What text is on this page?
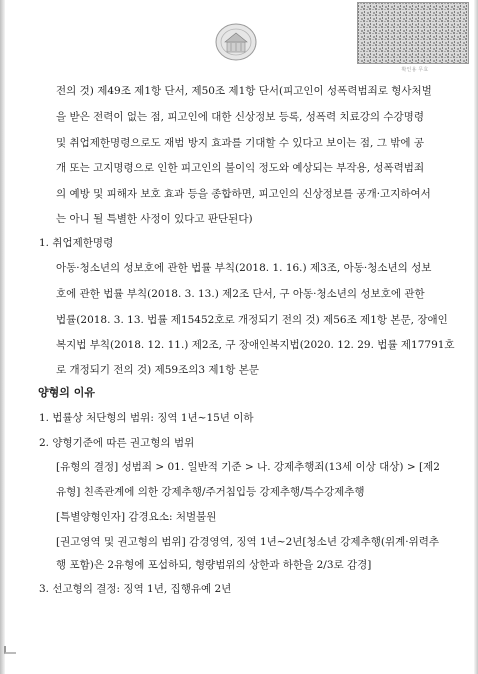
확인용 무효
전의 것) 제49조 제1항 단서, 제50조 제1항 단서(피고인이 성폭력범죄로 형사처벌
을 받은 전력이 없는 점, 피고인에 대한 신상정보 등록, 성폭력 치료강의 수강명령
및 취업제한명령으로도 재범 방지 효과를 기대할 수 있다고 보이는 점, 그 밖에 공
개 또는 고지명령으로 인한 피고인의 불이익 정도와 예상되는 부작용, 성폭력범죄
의 예방 및 피해자 보호 효과 등을 종합하면, 피고인의 신상정보를 공개·고지하여서
는 아니 될 특별한 사정이 있다고 판단된다)
1. 취업제한명령
아동·청소년의 성보호에 관한 법률 부칙(2018. 1. 16.) 제3조, 아동·청소년의 성보
호에 관한 법률 부칙(2018. 3. 13.) 제2조 단서, 구 아동·청소년의 성보호에 관한
법률(2018. 3. 13. 법률 제15452호로 개정되기 전의 것) 제56조 제1항 본문, 장애인
복지법 부칙(2018. 12. 11.) 제2조, 구 장애인복지법(2020. 12. 29. 법률 제17791호
로 개정되기 전의 것) 제59조의3 제1항 본문
양형의 이유
1. 법률상 처단형의 범위: 징역 1년∼15년 이하
2. 양형기준에 따른 권고형의 범위
[유형의 결정] 성범죄 > 01. 일반적 기준 > 나. 강제추행죄(13세 이상 대상) > [제2
유형] 친족관계에 의한 강제추행/주거침입등 강제추행/특수강제추행
[특별양형인자] 감경요소: 처벌불원
[권고영역 및 권고형의 범위] 감경영역, 징역 1년∼2년[청소년 강제추행(위계·위력추
행 포함)은 2유형에 포섭하되, 형량범위의 상한과 하한을 2/3로 감경]
3. 선고형의 결정: 징역 1년, 집행유예 2년
